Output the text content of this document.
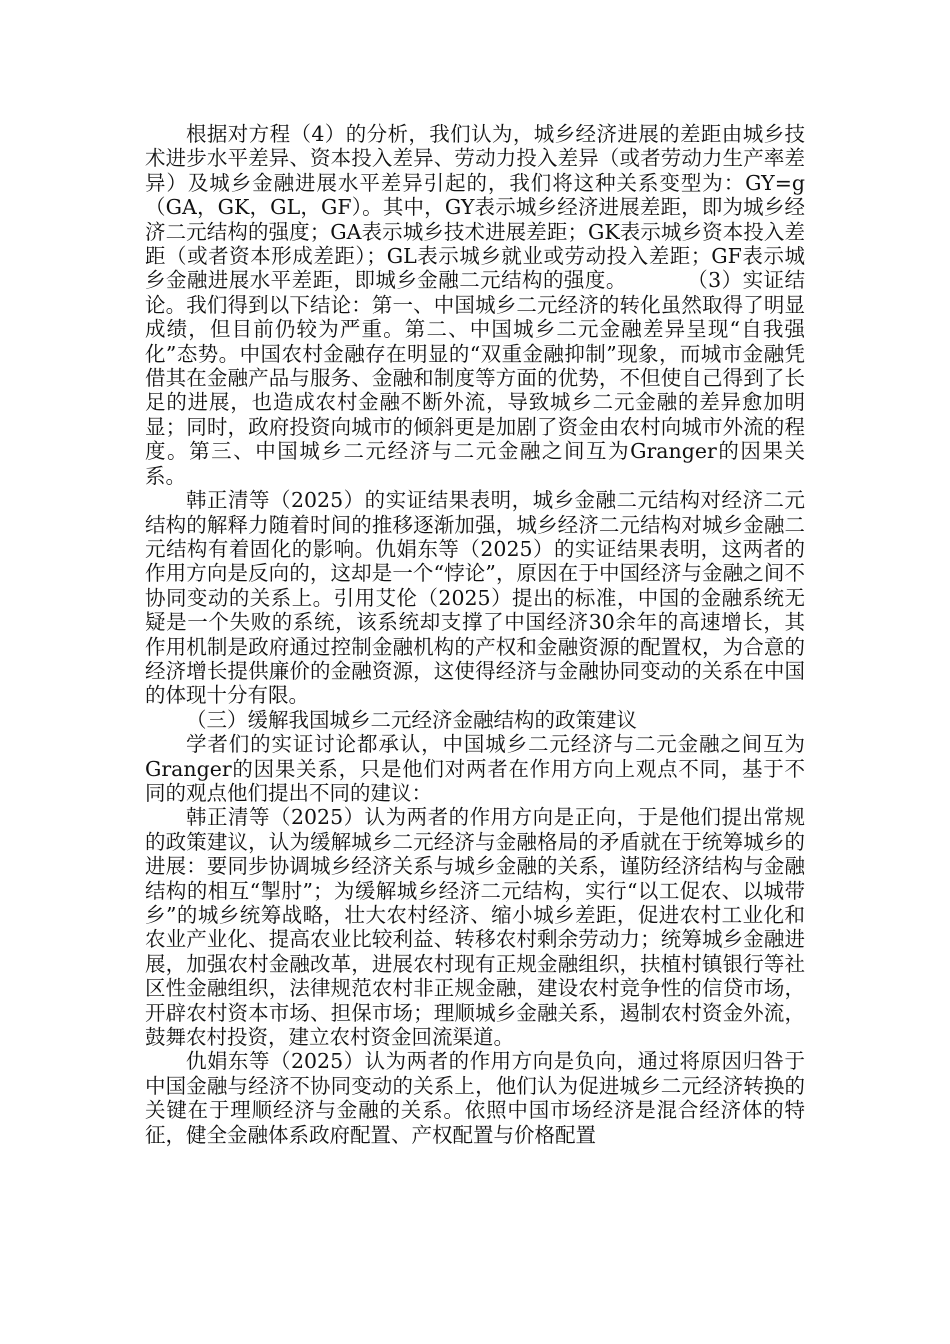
根据对方程（4）的分析，我们认为，城乡经济进展的差距由城乡技术进步水平差异、资本投入差异、劳动力投入差异（或者劳动力生产率差异）及城乡金融进展水平差异引起的，我们将这种关系变型为：GY=g（GA，GK，GL，GF）。其中，GY表示城乡经济进展差距，即为城乡经济二元结构的强度；GA表示城乡技术进展差距；GK表示城乡资本投入差距（或者资本形成差距）；GL表示城乡就业或劳动投入差距；GF表示城乡金融进展水平差距，即城乡金融二元结构的强度。	（3）实证结论。我们得到以下结论：第一、中国城乡二元经济的转化虽然取得了明显成绩，但目前仍较为严重。第二、中国城乡二元金融差异呈现“自我强化”态势。中国农村金融存在明显的“双重金融抑制”现象，而城市金融凭借其在金融产品与服务、金融和制度等方面的优势，不但使自己得到了长足的进展，也造成农村金融不断外流，导致城乡二元金融的差异愈加明显；同时，政府投资向城市的倾斜更是加剧了资金由农村向城市外流的程度。第三、中国城乡二元经济与二元金融之间互为Granger的因果关系。

韩正清等（2025）的实证结果表明，城乡金融二元结构对经济二元结构的解释力随着时间的推移逐渐加强，城乡经济二元结构对城乡金融二元结构有着固化的影响。仇娟东等（2025）的实证结果表明，这两者的作用方向是反向的，这却是一个“悖论”，原因在于中国经济与金融之间不协同变动的关系上。引用艾伦（2025）提出的标准，中国的金融系统无疑是一个失败的系统，该系统却支撑了中国经济30余年的高速增长，其作用机制是政府通过控制金融机构的产权和金融资源的配置权，为合意的经济增长提供廉价的金融资源，这使得经济与金融协同变动的关系在中国的体现十分有限。

（三）缓解我国城乡二元经济金融结构的政策建议

学者们的实证讨论都承认，中国城乡二元经济与二元金融之间互为Granger的因果关系，只是他们对两者在作用方向上观点不同，基于不同的观点他们提出不同的建议：

韩正清等（2025）认为两者的作用方向是正向，于是他们提出常规的政策建议，认为缓解城乡二元经济与金融格局的矛盾就在于统筹城乡的进展：要同步协调城乡经济关系与城乡金融的关系，谨防经济结构与金融结构的相互“掣肘”；为缓解城乡经济二元结构，实行“以工促农、以城带乡”的城乡统筹战略，壮大农村经济、缩小城乡差距，促进农村工业化和农业产业化、提高农业比较利益、转移农村剩余劳动力；统筹城乡金融进展，加强农村金融改革，进展农村现有正规金融组织，扶植村镇银行等社区性金融组织，法律规范农村非正规金融，建设农村竞争性的信贷市场，开辟农村资本市场、担保市场；理顺城乡金融关系，遏制农村资金外流，鼓舞农村投资，建立农村资金回流渠道。

仇娟东等（2025）认为两者的作用方向是负向，通过将原因归咎于中国金融与经济不协同变动的关系上，他们认为促进城乡二元经济转换的关键在于理顺经济与金融的关系。依照中国市场经济是混合经济体的特征，健全金融体系政府配置、产权配置与价格配置
